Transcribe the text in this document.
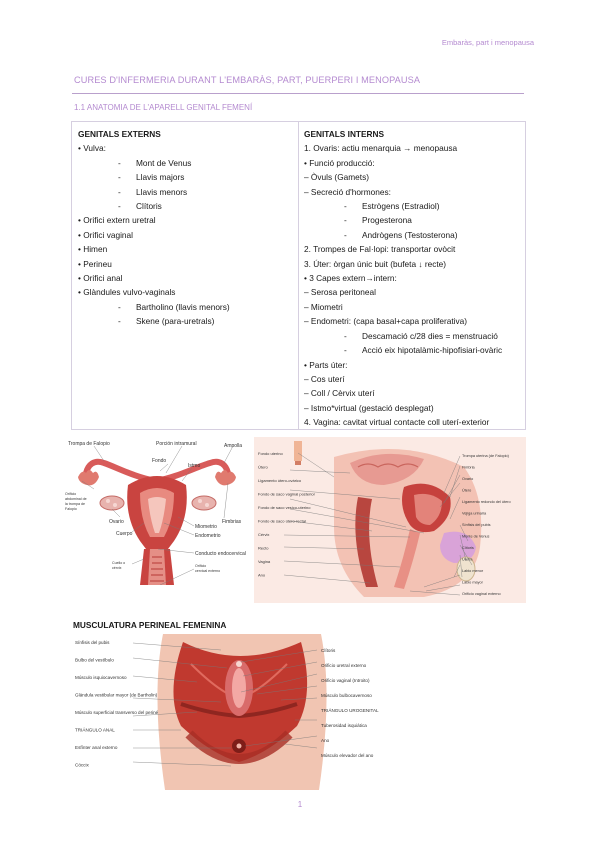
Embaràs, part i menopausa
CURES D'INFERMERIA DURANT L'EMBARÀS, PART, PUERPERI I MENOPAUSA
1.1 ANATOMIA DE L'APARELL GENITAL FEMENÍ
GENITALS EXTERNS
• Vulva:
- Mont de Venus
- Llavis majors
- Llavis menors
- Clítoris
• Orifici extern uretral
• Orifici vaginal
• Himen
• Perineu
• Orifici anal
• Glàndules vulvo-vaginals
- Bartholino (llavis menors)
- Skene (para-uretrals)
GENITALS INTERNS
1. Ovaris: actiu menarquia → menopausa
• Funció producció:
– Òvuls (Gamets)
– Secreció d'hormones:
- Estrògens (Estradiol)
- Progesterona
- Andrògens (Testosterona)
2. Trompes de Fal·lopi: transportar ovòcit
3. Úter: òrgan únic buit (bufeta ↓ recte)
• 3 Capes extern→intern:
– Serosa peritoneal
– Miometri
– Endometri: (capa basal+capa proliferativa)
- Descamació c/28 dies = menstruació
- Acció eix hipotalàmic-hipofisiari-ovàric
• Parts úter:
– Cos uterí
– Coll / Cèrvix uterí
– Istmo*virtual (gestació desplegat)
4. Vagina: cavitat virtual contacte coll uterí-exterior
Trompa de Falopio	Porción intramural	Ampolla
Fondo
Istmo
Orificio abdominal de la trompa de Falopio
Ovario
Cuerpo
Miometrio
Fimbrias
Endometrio
Conducto endocervical
Cuello o cérvix	Orificio cervical externo
Fondo uterino
Útero
Ligamento útero-ovárico
Fondo de saco vaginal posterior
Fondo de saco vesico-uterino
Fondo de saco útero-rectal
Cérvix
Recto
Vagina
Ano
Trompa uterina (de Falopio)
Fimbria
Ovario
Útero
Ligamento redondo del útero
Vejiga urinaria
Sínfisis del pubis
Monte de Venus
Clítoris
Uretra
Labio menor
Labio mayor
Orificio vaginal externo
MUSCULATURA PERINEAL FEMENINA
Sínfisis del pubis
Bulbo del vestíbulo
Músculo isquiocavernoso
Glándula vestibular mayor (de Bartholin)
Músculo superficial transverso del periné
TRIÁNGULO ANAL
Esfínter anal externo
Cóccix
Clítoris
Orificio uretral externo
Orificio vaginal (Introito)
Músculo bulbocavernoso
TRIÁNGULO UROGENITAL
Tuberosidad isquiática
Ano
Músculo elevador del ano
1
